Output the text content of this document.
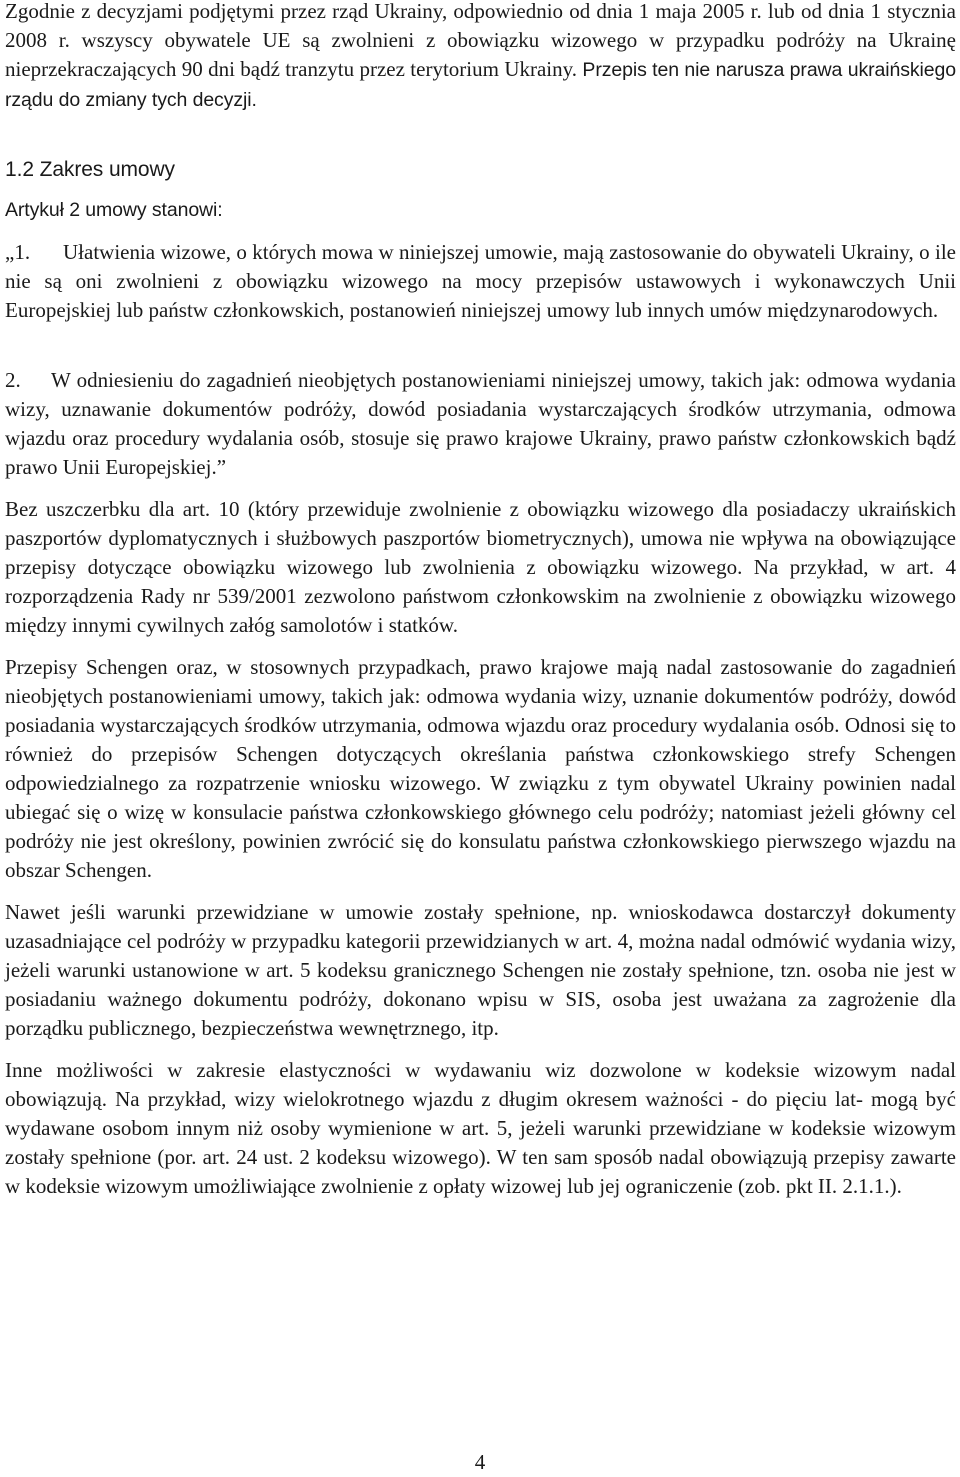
Zgodnie z decyzjami podjętymi przez rząd Ukrainy, odpowiednio od dnia 1 maja 2005 r. lub od dnia 1 stycznia 2008 r. wszyscy obywatele UE są zwolnieni z obowiązku wizowego w przypadku podróży na Ukrainę nieprzekraczających 90 dni bądź tranzytu przez terytorium Ukrainy. Przepis ten nie narusza prawa ukraińskiego rządu do zmiany tych decyzji.

1.2 Zakres umowy

Artykuł 2 umowy stanowi:

„1. Ułatwienia wizowe, o których mowa w niniejszej umowie, mają zastosowanie do obywateli Ukrainy, o ile nie są oni zwolnieni z obowiązku wizowego na mocy przepisów ustawowych i wykonawczych Unii Europejskiej lub państw członkowskich, postanowień niniejszej umowy lub innych umów międzynarodowych.

2. W odniesieniu do zagadnień nieobjętych postanowieniami niniejszej umowy, takich jak: odmowa wydania wizy, uznawanie dokumentów podróży, dowód posiadania wystarczających środków utrzymania, odmowa wjazdu oraz procedury wydalania osób, stosuje się prawo krajowe Ukrainy, prawo państw członkowskich bądź prawo Unii Europejskiej.”

Bez uszczerbku dla art. 10 (który przewiduje zwolnienie z obowiązku wizowego dla posiadaczy ukraińskich paszportów dyplomatycznych i służbowych paszportów biometrycznych), umowa nie wpływa na obowiązujące przepisy dotyczące obowiązku wizowego lub zwolnienia z obowiązku wizowego. Na przykład, w art. 4 rozporządzenia Rady nr 539/2001 zezwolono państwom członkowskim na zwolnienie z obowiązku wizowego między innymi cywilnych załóg samolotów i statków.

Przepisy Schengen oraz, w stosownych przypadkach, prawo krajowe mają nadal zastosowanie do zagadnień nieobjętych postanowieniami umowy, takich jak: odmowa wydania wizy, uznanie dokumentów podróży, dowód posiadania wystarczających środków utrzymania, odmowa wjazdu oraz procedury wydalania osób. Odnosi się to również do przepisów Schengen dotyczących określania państwa członkowskiego strefy Schengen odpowiedzialnego za rozpatrzenie wniosku wizowego. W związku z tym obywatel Ukrainy powinien nadal ubiegać się o wizę w konsulacie państwa członkowskiego głównego celu podróży; natomiast jeżeli główny cel podróży nie jest określony, powinien zwrócić się do konsulatu państwa członkowskiego pierwszego wjazdu na obszar Schengen.

Nawet jeśli warunki przewidziane w umowie zostały spełnione, np. wnioskodawca dostarczył dokumenty uzasadniające cel podróży w przypadku kategorii przewidzianych w art. 4, można nadal odmówić wydania wizy, jeżeli warunki ustanowione w art. 5 kodeksu granicznego Schengen nie zostały spełnione, tzn. osoba nie jest w posiadaniu ważnego dokumentu podróży, dokonano wpisu w SIS, osoba jest uważana za zagrożenie dla porządku publicznego, bezpieczeństwa wewnętrznego, itp.

Inne możliwości w zakresie elastyczności w wydawaniu wiz dozwolone w kodeksie wizowym nadal obowiązują. Na przykład, wizy wielokrotnego wjazdu z długim okresem ważności - do pięciu lat- mogą być wydawane osobom innym niż osoby wymienione w art. 5, jeżeli warunki przewidziane w kodeksie wizowym zostały spełnione (por. art. 24 ust. 2 kodeksu wizowego). W ten sam sposób nadal obowiązują przepisy zawarte w kodeksie wizowym umożliwiające zwolnienie z opłaty wizowej lub jej ograniczenie (zob. pkt II. 2.1.1.).

4
